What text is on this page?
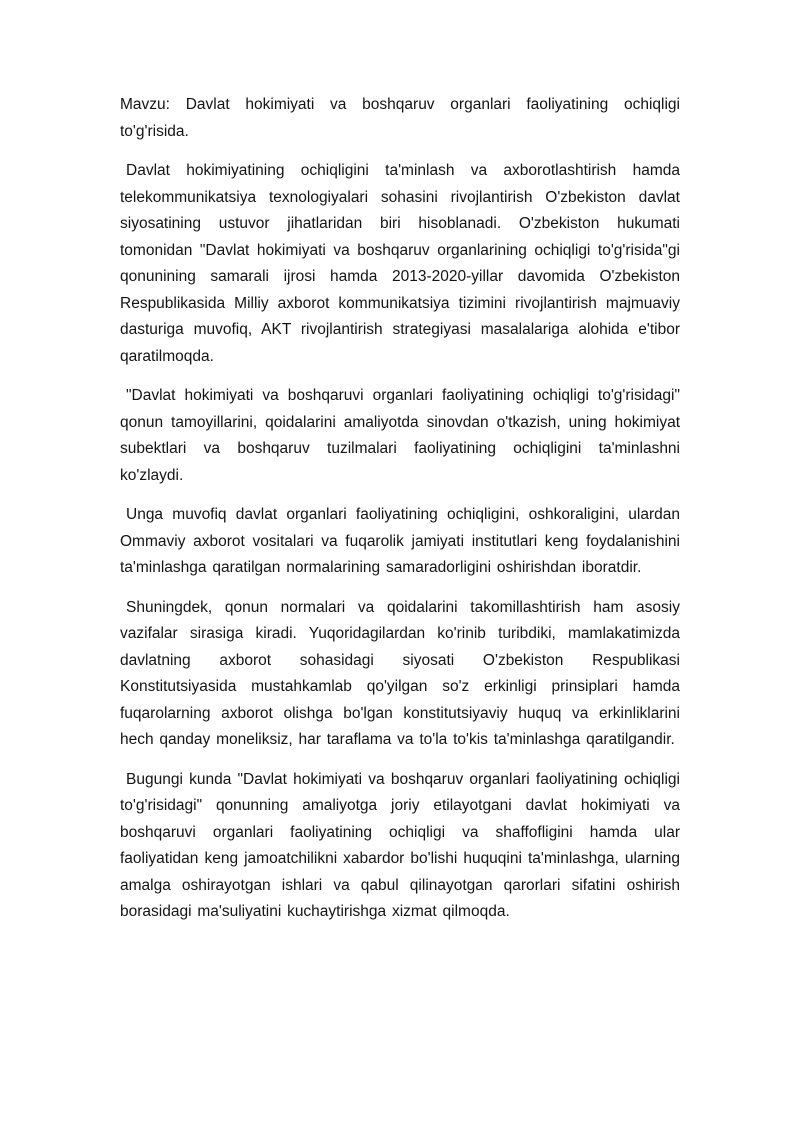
Mavzu: Davlat hokimiyati va boshqaruv organlari faoliyatining ochiqligi to'g'risida.

Davlat hokimiyatining ochiqligini ta'minlash va axborotlashtirish hamda telekommunikatsiya texnologiyalari sohasini rivojlantirish O'zbekiston davlat siyosatining ustuvor jihatlaridan biri hisoblanadi. O'zbekiston hukumati tomonidan "Davlat hokimiyati va boshqaruv organlarining ochiqligi to'g'risida"gi qonunining samarali ijrosi hamda 2013-2020-yillar davomida O'zbekiston Respublikasida Milliy axborot kommunikatsiya tizimini rivojlantirish majmuaviy dasturiga muvofiq, AKT rivojlantirish strategiyasi masalalariga alohida e'tibor qaratilmoqda.

"Davlat hokimiyati va boshqaruvi organlari faoliyatining ochiqligi to'g'risidagi" qonun tamoyillarini, qoidalarini amaliyotda sinovdan o'tkazish, uning hokimiyat subektlari va boshqaruv tuzilmalari faoliyatining ochiqligini ta'minlashni ko'zlaydi.

Unga muvofiq davlat organlari faoliyatining ochiqligini, oshkoraligini, ulardan Ommaviy axborot vositalari va fuqarolik jamiyati institutlari keng foydalanishini ta'minlashga qaratilgan normalarining samaradorligini oshirishdan iboratdir.

Shuningdek, qonun normalari va qoidalarini takomillashtirish ham asosiy vazifalar sirasiga kiradi. Yuqoridagilardan ko'rinib turibdiki, mamlakatimizda davlatning axborot sohasidagi siyosati O'zbekiston Respublikasi Konstitutsiyasida mustahkamlab qo'yilgan so'z erkinligi prinsiplari hamda fuqarolarning axborot olishga bo'lgan konstitutsiyaviy huquq va erkinliklarini hech qanday moneliksiz, har taraflama va to'la to'kis ta'minlashga qaratilgandir.

Bugungi kunda "Davlat hokimiyati va boshqaruv organlari faoliyatining ochiqligi to'g'risidagi" qonunning amaliyotga joriy etilayotgani davlat hokimiyati va boshqaruvi organlari faoliyatining ochiqligi va shaffofligini hamda ular faoliyatidan keng jamoatchilikni xabardor bo'lishi huquqini ta'minlashga, ularning amalga oshirayotgan ishlari va qabul qilinayotgan qarorlari sifatini oshirish borasidagi ma'suliyatini kuchaytirishga xizmat qilmoqda.
